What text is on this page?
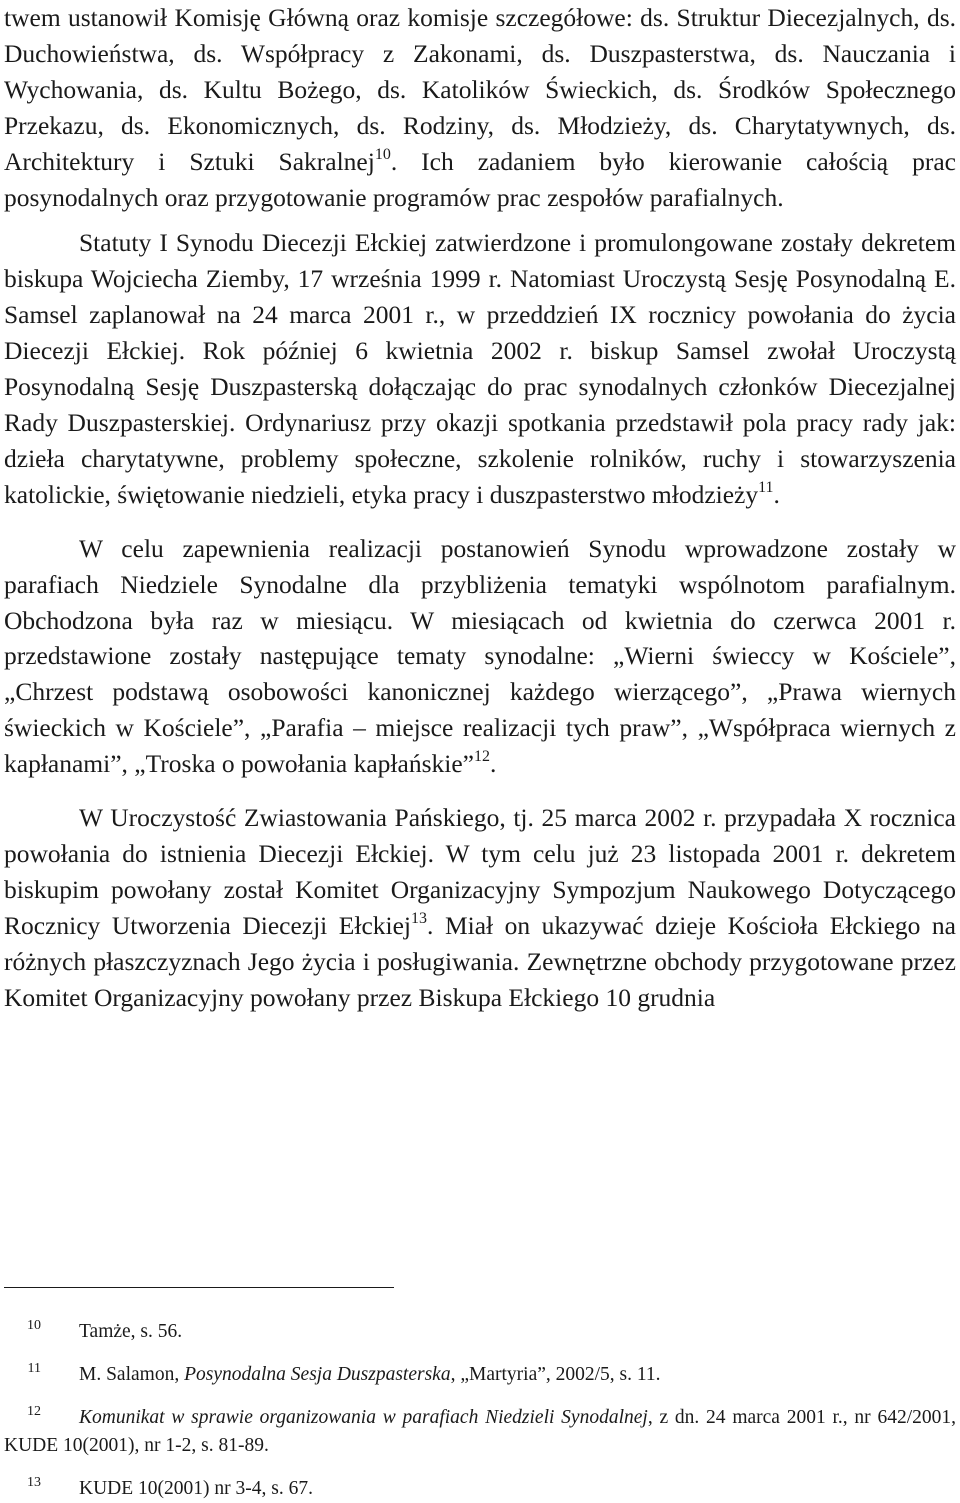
twem ustanowił Komisję Główną oraz komisje szczegółowe: ds. Struktur Diecezjalnych, ds. Duchowieństwa, ds. Współpracy z Zakonami, ds. Duszpasterstwa, ds. Nauczania i Wychowania, ds. Kultu Bożego, ds. Katolików Świeckich, ds. Środków Społecznego Przekazu, ds. Ekonomicznych, ds. Rodziny, ds. Młodzieży, ds. Charytatywnych, ds. Architektury i Sztuki Sakralnej$^{10}$. Ich zadaniem było kierowanie całością prac posynodalnych oraz przygotowanie programów prac zespołów parafialnych.

Statuty I Synodu Diecezji Ełckiej zatwierdzone i promulongowane zostały dekretem biskupa Wojciecha Ziemby, 17 września 1999 r. Natomiast Uroczystą Sesję Posynodalną E. Samsel zaplanował na 24 marca 2001 r., w przeddzień IX rocznicy powołania do życia Diecezji Ełckiej. Rok później 6 kwietnia 2002 r. biskup Samsel zwołał Uroczystą Posynodalną Sesję Duszpasterską dołączając do prac synodalnych członków Diecezjalnej Rady Duszpasterskiej. Ordynariusz przy okazji spotkania przedstawił pola pracy rady jak: dzieła charytatywne, problemy społeczne, szkolenie rolników, ruchy i stowarzyszenia katolickie, świętowanie niedzieli, etyka pracy i duszpasterstwo młodzieży$^{11}$.

W celu zapewnienia realizacji postanowień Synodu wprowadzone zostały w parafiach Niedziele Synodalne dla przybliżenia tematyki wspólnotom parafialnym. Obchodzona była raz w miesiącu. W miesiącach od kwietnia do czerwca 2001 r. przedstawione zostały następujące tematy synodalne: „Wierni świeccy w Kościele”, „Chrzest podstawą osobowości kanonicznej każdego wierzącego”, „Prawa wiernych świeckich w Kościele”, „Parafia – miejsce realizacji tych praw”, „Współpraca wiernych z kapłanami”, „Troska o powołania kapłańskie”$^{12}$.

W Uroczystość Zwiastowania Pańskiego, tj. 25 marca 2002 r. przypadała X rocznica powołania do istnienia Diecezji Ełckiej. W tym celu już 23 listopada 2001 r. dekretem biskupim powołany został Komitet Organizacyjny Sympozjum Naukowego Dotyczącego Rocznicy Utworzenia Diecezji Ełckiej$^{13}$. Miał on ukazywać dzieje Kościoła Ełckiego na różnych płaszczyznach Jego życia i posługiwania. Zewnętrzne obchody przygotowane przez Komitet Organizacyjny powołany przez Biskupa Ełckiego 10 grudnia

10 Tamże, s. 56.

11 M. Salamon, Posynodalna Sesja Duszpasterska, „Martyria”, 2002/5, s. 11.

12 Komunikat w sprawie organizowania w parafiach Niedzieli Synodalnej, z dn. 24 marca 2001 r., nr 642/2001, KUDE 10(2001), nr 1-2, s. 81-89.

13 KUDE 10(2001) nr 3-4, s. 67.
